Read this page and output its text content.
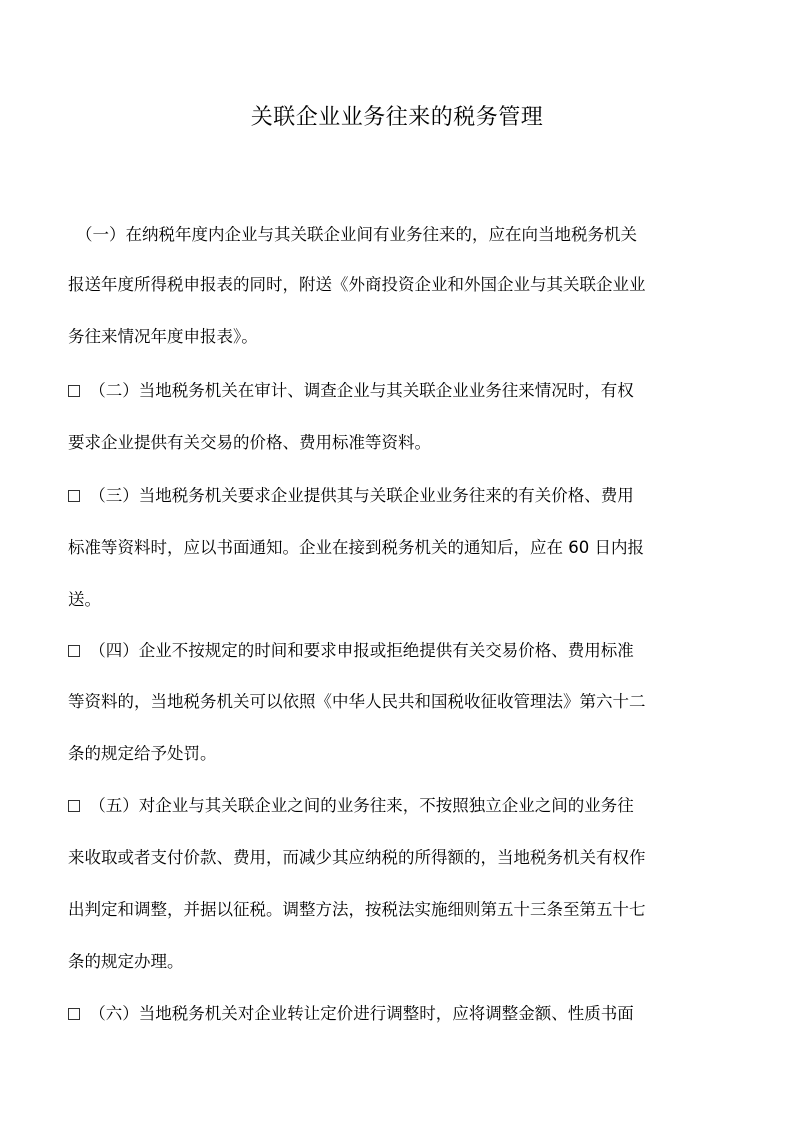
关联企业业务往来的税务管理
（一）在纳税年度内企业与其关联企业间有业务往来的，应在向当地税务机关
报送年度所得税申报表的同时，附送《外商投资企业和外国企业与其关联企业业
务往来情况年度申报表》。
（二）当地税务机关在审计、调查企业与其关联企业业务往来情况时，有权
要求企业提供有关交易的价格、费用标准等资料。
（三）当地税务机关要求企业提供其与关联企业业务往来的有关价格、费用
标准等资料时，应以书面通知。企业在接到税务机关的通知后，应在 60 日内报
送。
（四）企业不按规定的时间和要求申报或拒绝提供有关交易价格、费用标准
等资料的，当地税务机关可以依照《中华人民共和国税收征收管理法》第六十二
条的规定给予处罚。
（五）对企业与其关联企业之间的业务往来，不按照独立企业之间的业务往
来收取或者支付价款、费用，而减少其应纳税的所得额的，当地税务机关有权作
出判定和调整，并据以征税。调整方法，按税法实施细则第五十三条至第五十七
条的规定办理。
（六）当地税务机关对企业转让定价进行调整时，应将调整金额、性质书面
